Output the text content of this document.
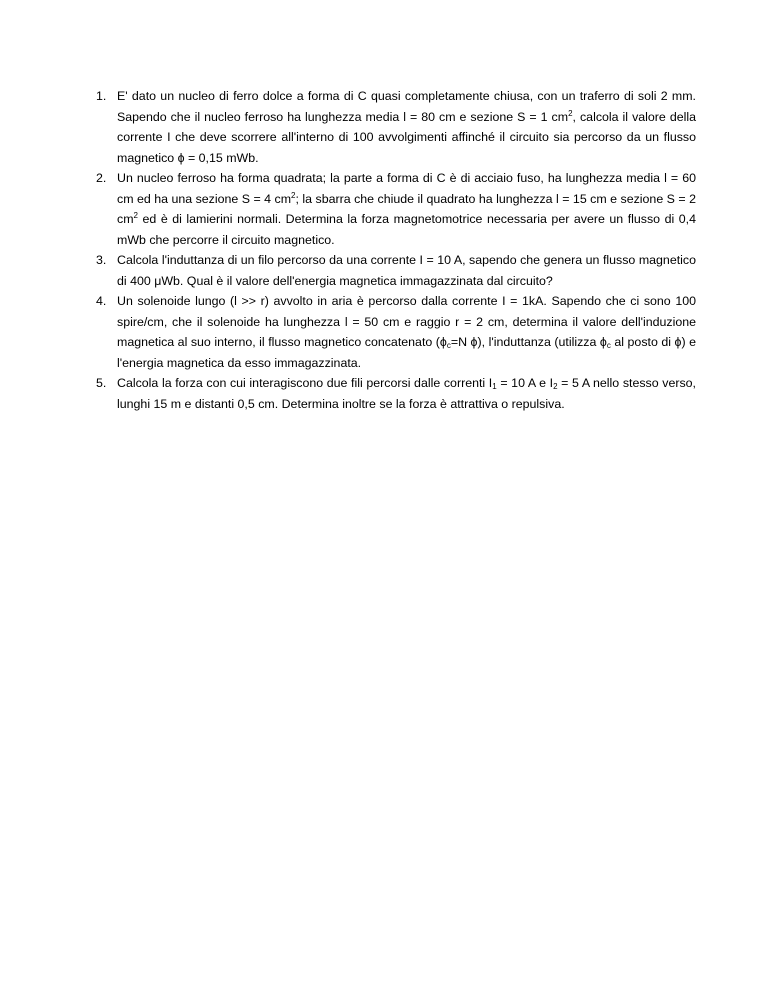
1. E' dato un nucleo di ferro dolce a forma di C quasi completamente chiusa, con un traferro di soli 2 mm. Sapendo che il nucleo ferroso ha lunghezza media l = 80 cm e sezione S = 1 $cm^2$, calcola il valore della corrente I che deve scorrere all'interno di 100 avvolgimenti affinché il circuito sia percorso da un flusso magnetico ϕ = 0,15 mWb.
2. Un nucleo ferroso ha forma quadrata; la parte a forma di C è di acciaio fuso, ha lunghezza media l = 60 cm ed ha una sezione S = 4 $cm^2$; la sbarra che chiude il quadrato ha lunghezza l = 15 cm e sezione S = 2 $cm^2$ ed è di lamierini normali. Determina la forza magnetomotrice necessaria per avere un flusso di 0,4 mWb che percorre il circuito magnetico.
3. Calcola l'induttanza di un filo percorso da una corrente I = 10 A, sapendo che genera un flusso magnetico di 400 μWb. Qual è il valore dell'energia magnetica immagazzinata dal circuito?
4. Un solenoide lungo (l >> r) avvolto in aria è percorso dalla corrente I = 1kA. Sapendo che ci sono 100 spire/cm, che il solenoide ha lunghezza l = 50 cm e raggio r = 2 cm, determina il valore dell'induzione magnetica al suo interno, il flusso magnetico concatenato ($\phi_c=N$ ϕ), l'induttanza (utilizza $\phi_c$ al posto di ϕ) e l'energia magnetica da esso immagazzinata.
5. Calcola la forza con cui interagiscono due fili percorsi dalle correnti $I_1 = 10$ A e $I_2 = 5$ A nello stesso verso, lunghi 15 m e distanti 0,5 cm. Determina inoltre se la forza è attrattiva o repulsiva.
